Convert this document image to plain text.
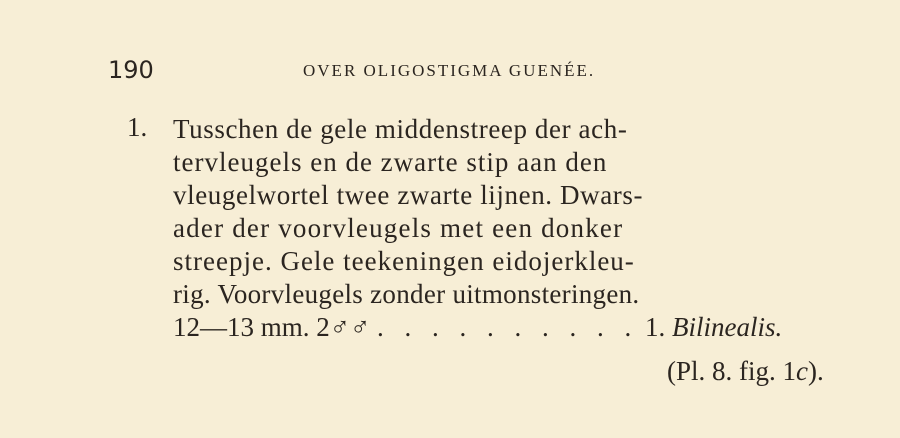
190	OVER OLIGOSTIGMA GUENÉE.
1. Tusschen de gele middenstreep der ach-
tervleugels en de zwarte stip aan den
vleugelwortel twee zwarte lijnen. Dwars-
ader der voorvleugels met een donker
streepje. Gele teekeningen eidojerkleu-
rig. Voorvleugels zonder uitmonsteringen.
12—13 mm. 2♂♂ . . . . . . . . . . 1. Bilinealis.
(Pl. 8. fig. 1c).
